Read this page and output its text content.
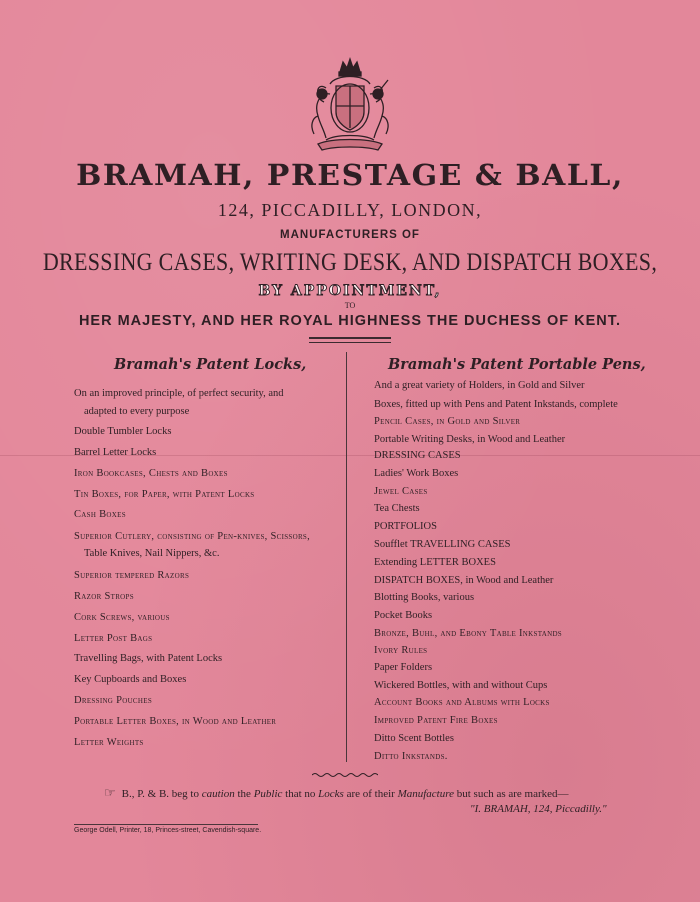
BRAMAH, PRESTAGE & BALL,
124, PICCADILLY, LONDON,
MANUFACTURERS OF
DRESSING CASES, WRITING DESK, AND DISPATCH BOXES,
BY APPOINTMENT,
TO
HER MAJESTY, AND HER ROYAL HIGHNESS THE DUCHESS OF KENT.
Bramah's Patent Locks,	Bramah's Patent Portable Pens,
On an improved principle, of perfect security, and
adapted to every purpose
Double Tumbler Locks
Barrel Letter Locks
Iron Bookcases, Chests and Boxes
Tin Boxes, for Paper, with Patent Locks
Cash Boxes
Superior Cutlery, consisting of Pen-knives, Scissors,
Table Knives, Nail Nippers, &c.
Superior tempered Razors
Razor Strops
Cork Screws, various
Letter Post Bags
Travelling Bags, with Patent Locks
Key Cupboards and Boxes
Dressing Pouches
Portable Letter Boxes, in Wood and Leather
Letter Weights
And a great variety of Holders, in Gold and Silver
Boxes, fitted up with Pens and Patent Inkstands, complete
Pencil Cases, in Gold and Silver
Portable Writing Desks, in Wood and Leather
DRESSING CASES
Ladies' Work Boxes
Jewel Cases
Tea Chests
PORTFOLIOS
Soufflet TRAVELLING CASES
Extending LETTER BOXES
DISPATCH BOXES, in Wood and Leather
Blotting Books, various
Pocket Books
Bronze, Buhl, and Ebony Table Inkstands
Ivory Rules
Paper Folders
Wickered Bottles, with and without Cups
Account Books and Albums with Locks
Improved Patent Fire Boxes
Ditto Scent Bottles
Ditto Inkstands.
☞ B., P. & B. beg to caution the Public that no Locks are of their Manufacture but such as are marked—
"I. BRAMAH, 124, Piccadilly."
George Odell, Printer, 18, Princes-street, Cavendish-square.
